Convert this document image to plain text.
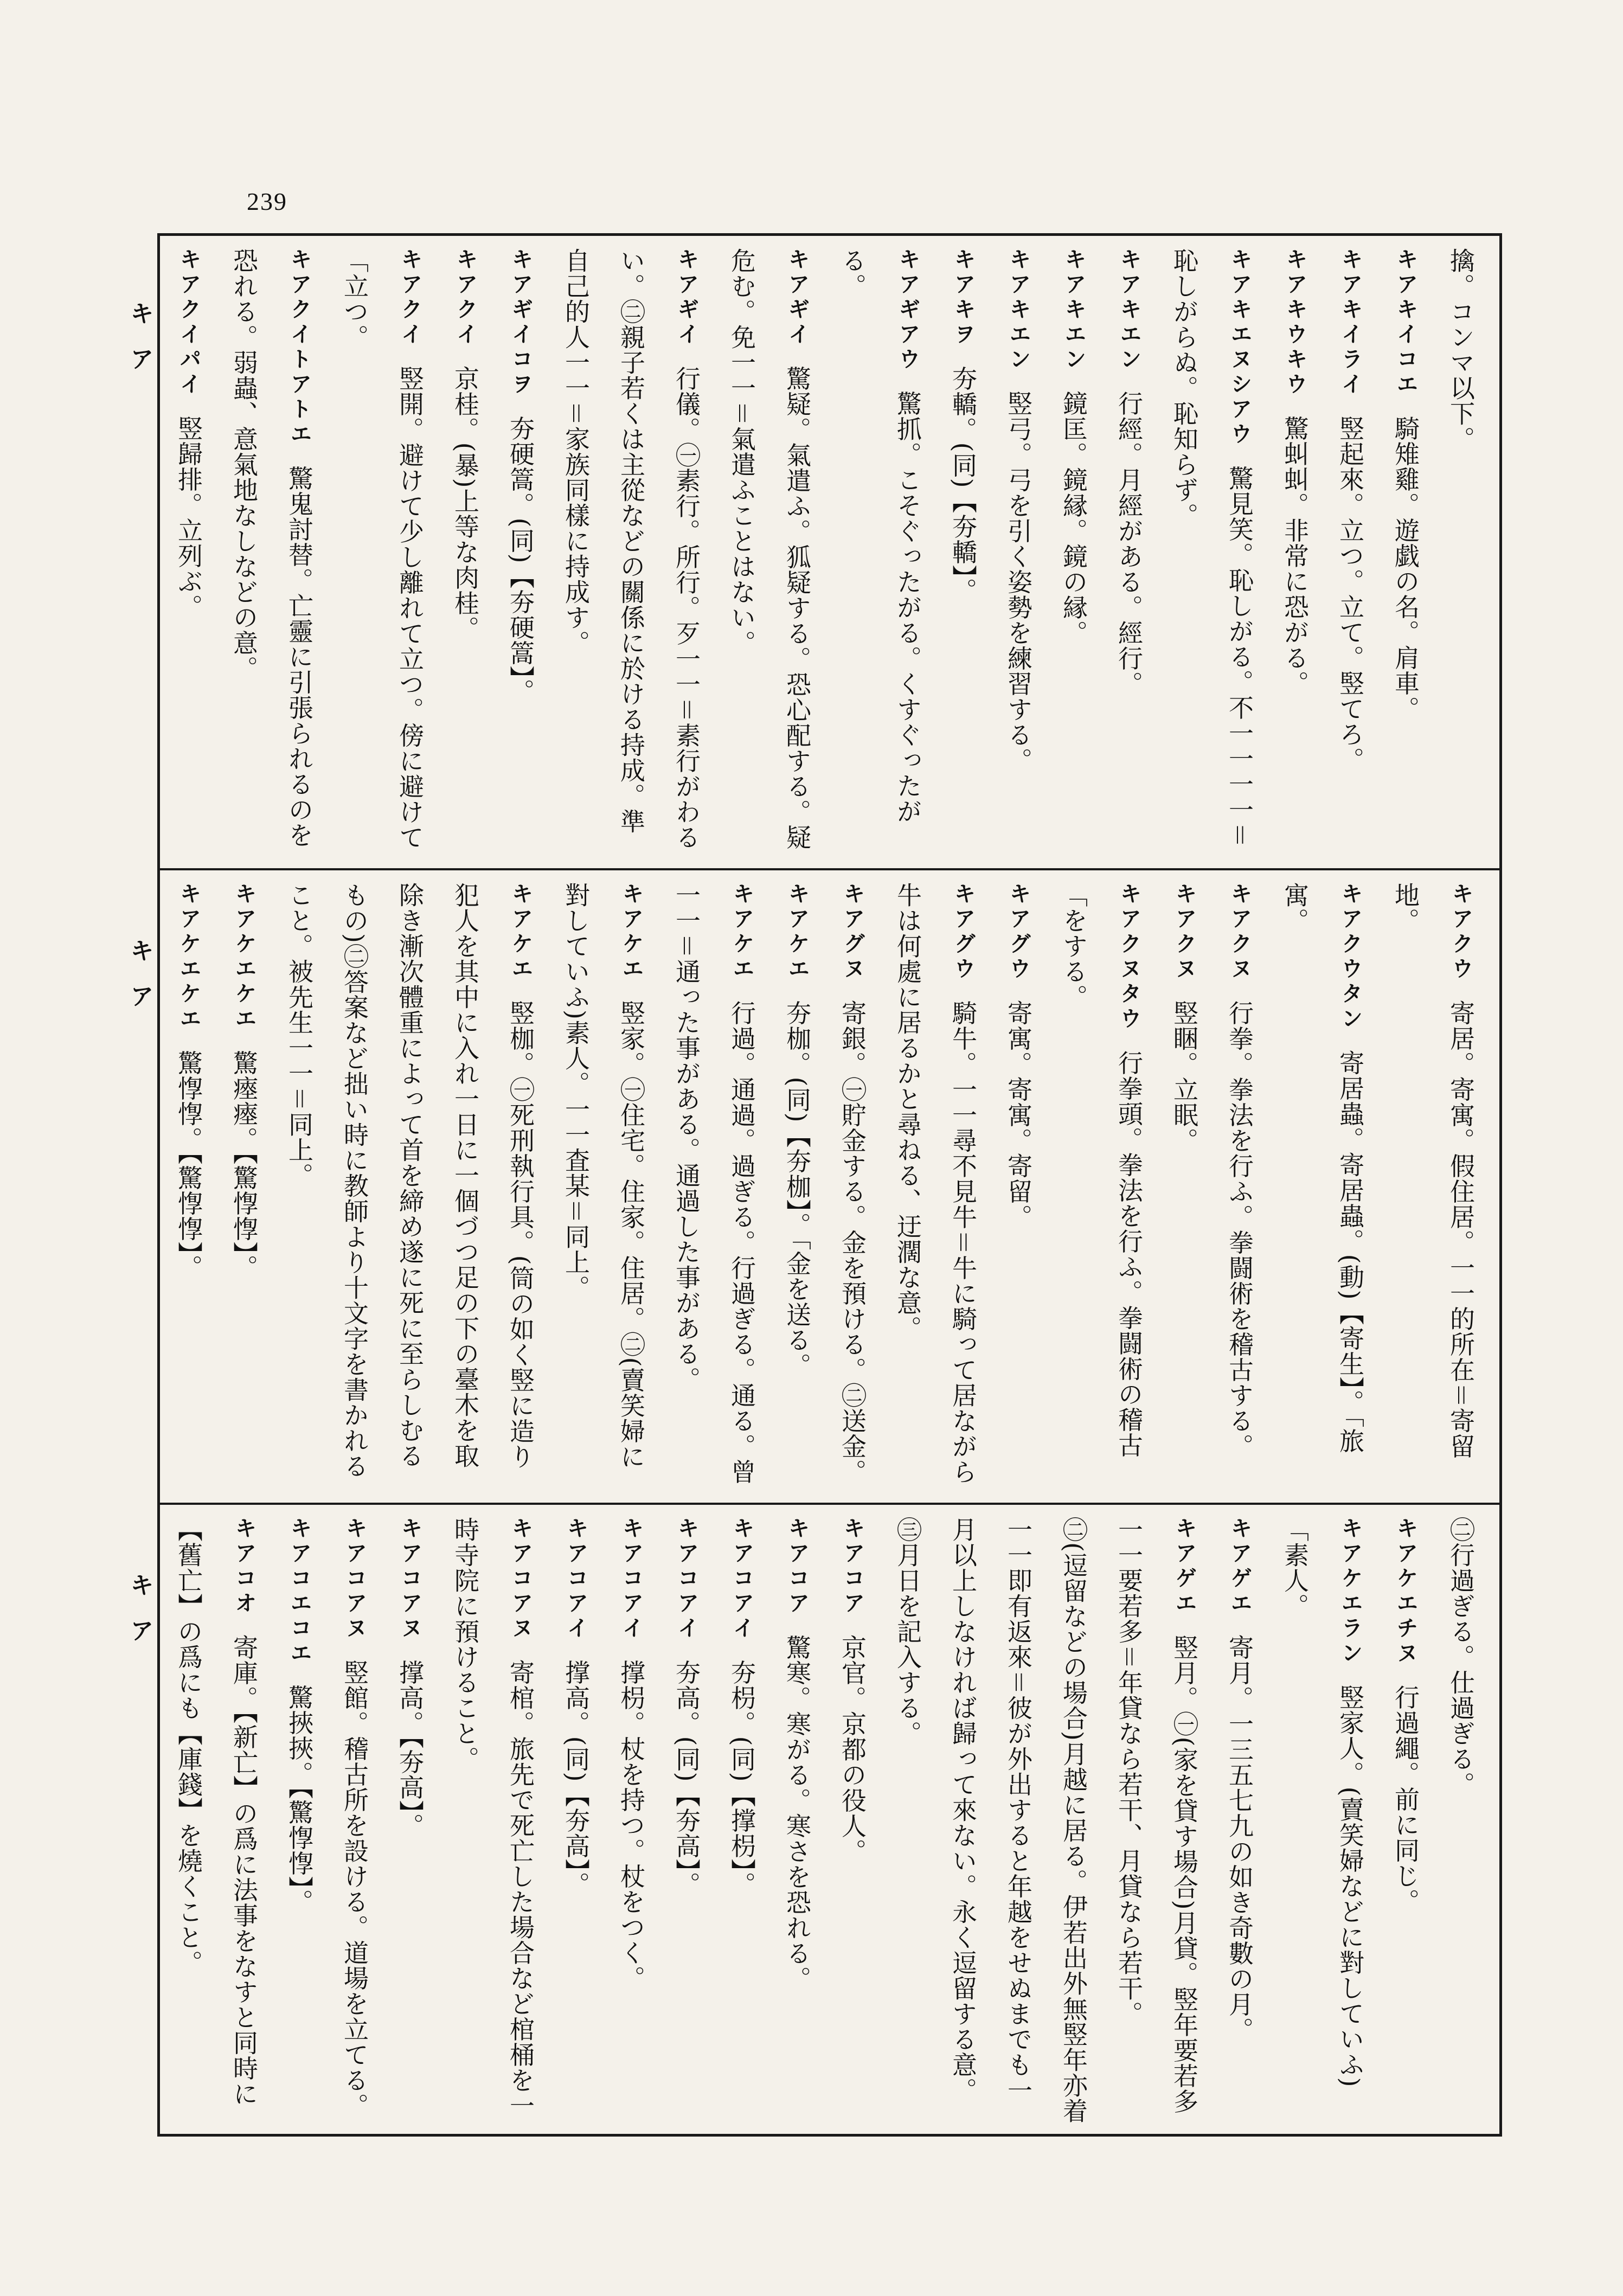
239
キア
キア
キア

擒。コンマ以下。

キアキイコエ 騎雉雞。遊戯の名。肩車。

キアキイライ 竪起來。立つ。立て。竪てろ。

キアキウキウ 驚虯虯。非常に恐がる。

キアキエヌシアウ 驚見笑。恥しがる。不一一一一＝恥しがらぬ。恥知らず。

キアキエン 行經。月經がある。經行。

キアキエン 鏡匡。鏡縁。鏡の縁。

キアキエン 竪弓。弓を引く姿勢を練習する。

キアキヲ 夯轎。(同)【夯轎】。

キアギアウ 驚抓。こそぐったがる。くすぐったがる。

キアギイ 驚疑。氣遣ふ。狐疑する。恐心配する。疑危む。免一一＝氣遣ふことはない。

キアギイ 行儀。㊀素行。所行。歹一一＝素行がわるい。㊁親子若くは主從などの關係に於ける持成。準自己的人一一＝家族同樣に持成す。

キアギイコヲ 夯硬篙。(同)【夯硬篙】。

キアクイ 京桂。(暴)上等な肉桂。

キアクイ 竪開。避けて少し離れて立つ。傍に避けて「立つ。

キアクイトアトエ 驚鬼討替。亡靈に引張られるのを恐れる。弱蟲、意氣地なしなどの意。

キアクイパイ 竪歸排。立列ぶ。

キアクウ 寄居。寄寓。假住居。一一的所在＝寄留地。

キアクウタン 寄居蟲。寄居蟲。(動)【寄生】。「旅寓。

キアクヌ 行拳。拳法を行ふ。拳闘術を稽古する。

キアクヌ 竪睏。立眠。

キアクヌタウ 行拳頭。拳法を行ふ。拳闘術の稽古「をする。

キアグウ 寄寓。寄寓。寄留。

キアグウ 騎牛。一一尋不見牛＝牛に騎って居ながら牛は何處に居るかと尋ねる、迂濶な意。

キアグヌ 寄銀。㊀貯金する。金を預ける。㊁送金。

キアケエ 夯枷。(同)【夯枷】。「金を送る。

キアケエ 行過。通過。過ぎる。行過ぎる。通る。曾一一＝通った事がある。通過した事がある。

キアケエ 竪家。㊀住宅。住家。住居。㊁(賣笑婦に對していふ)素人。一一査某＝同上。

キアケエ 竪枷。㊀死刑執行具。(筒の如く竪に造り犯人を其中に入れ一日に一個づつ足の下の臺木を取除き漸次體重によって首を締め遂に死に至らしむるもの)㊁答案など拙い時に教師より十文字を書かれること。被先生一一＝同上。

キアケエケエ 驚瘞瘞。【驚惸惸】。

キアケエケエ 驚惸惸。【驚惸惸】。

㊁行過ぎる。仕過ぎる。

キアケエチヌ 行過繩。前に同じ。

キアケエラン 竪家人。(賣笑婦などに對していふ)「素人。

キアゲエ 寄月。一三五七九の如き奇數の月。

キアゲエ 竪月。㊀(家を貸す場合)月貸。竪年要若多一一要若多＝年貸なら若干、月貸なら若干。

㊁(逗留などの場合)月越に居る。伊若出外無竪年亦着一一即有返來＝彼が外出すると年越をせぬまでも一月以上しなければ歸って來ない。永く逗留する意。㊂月日を記入する。

キアコア 京官。京都の役人。

キアコア 驚寒。寒がる。寒さを恐れる。

キアコアイ 夯枴。(同)【撑枴】。

キアコアイ 夯高。(同)【夯高】。

キアコアイ 撑枴。杖を持つ。杖をつく。

キアコアイ 撑高。(同)【夯高】。

キアコアヌ 寄棺。旅先で死亡した場合など棺桶を一時寺院に預けること。

キアコアヌ 撑高。【夯高】。

キアコアヌ 竪館。稽古所を設ける。道場を立てる。

キアコエコエ 驚挾挾。【驚惸惸】。

キアコオ 寄庫。【新亡】の爲に法事をなすと同時に【舊亡】の爲にも【庫錢】を燒くこと。
